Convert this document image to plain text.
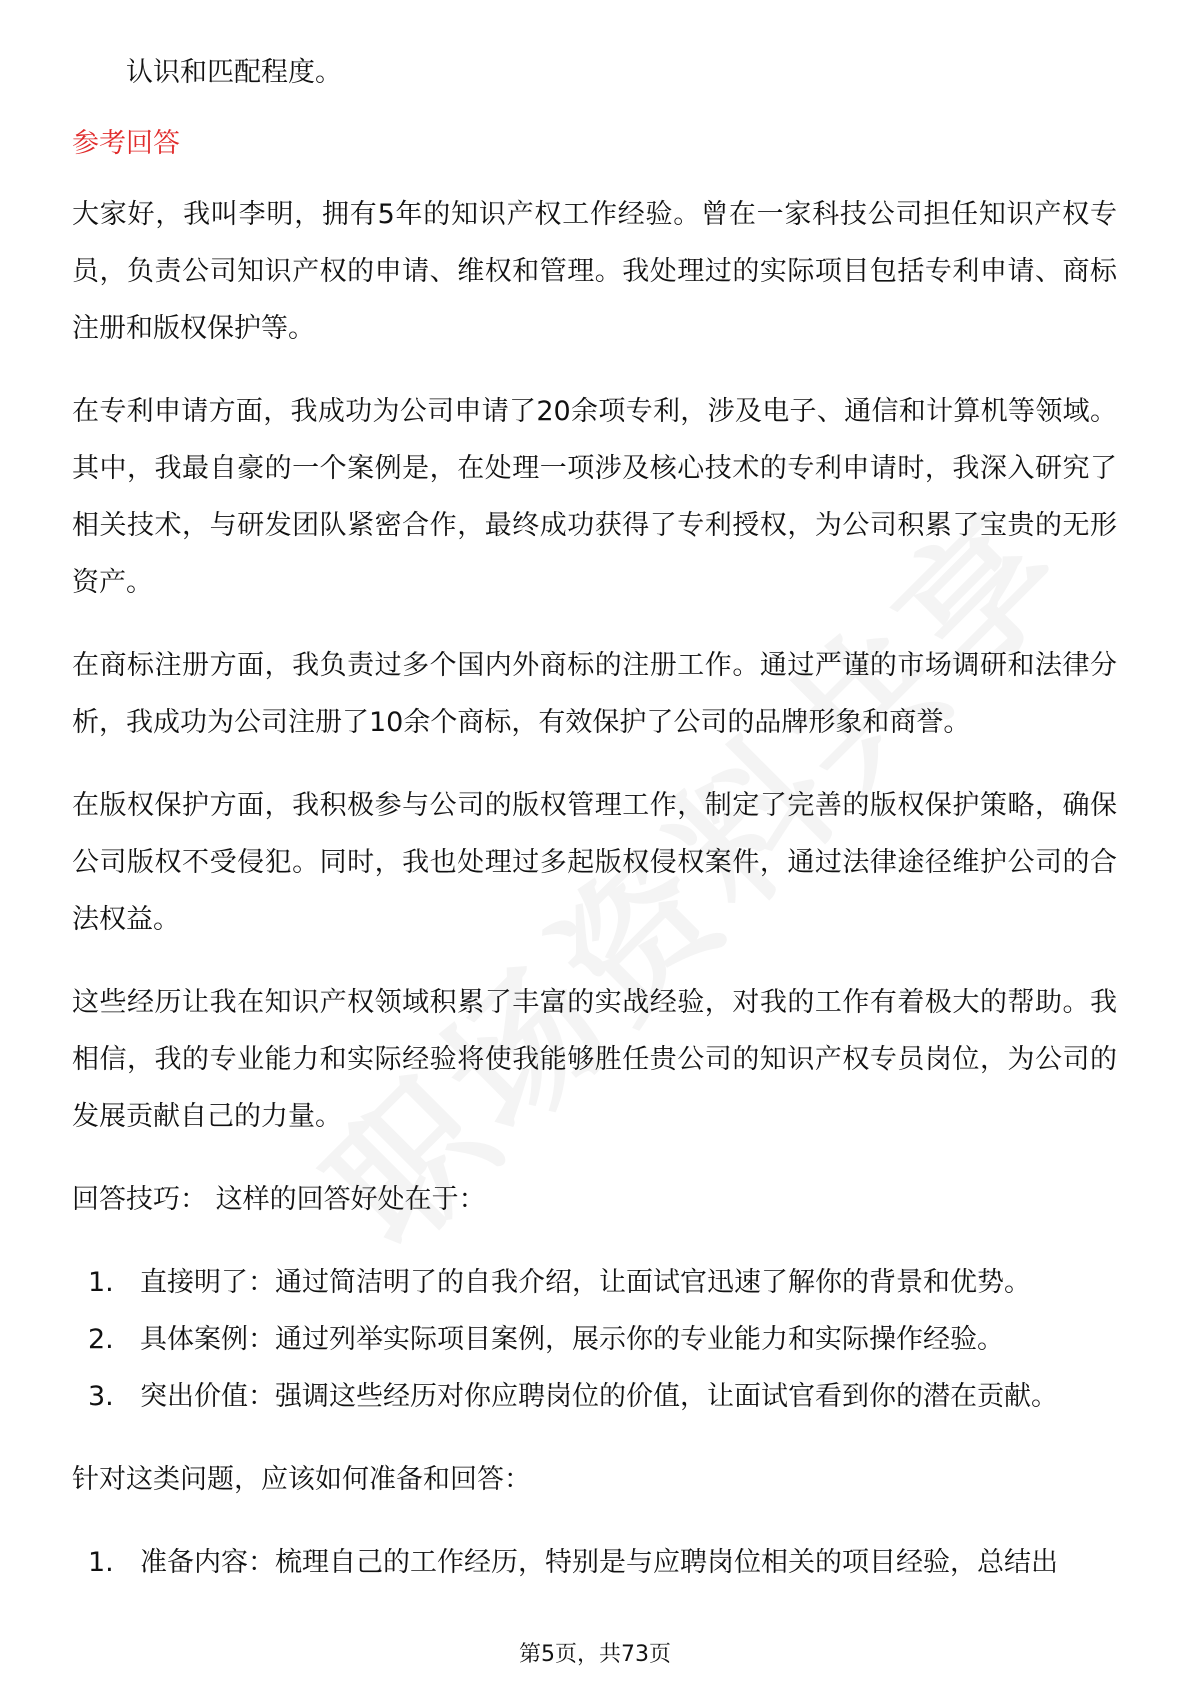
认识和匹配程度。

参考回答

大家好，我叫李明，拥有5年的知识产权工作经验。曾在一家科技公司担任知识产权专员，负责公司知识产权的申请、维权和管理。我处理过的实际项目包括专利申请、商标注册和版权保护等。

在专利申请方面，我成功为公司申请了20余项专利，涉及电子、通信和计算机等领域。其中，我最自豪的一个案例是，在处理一项涉及核心技术的专利申请时，我深入研究了相关技术，与研发团队紧密合作，最终成功获得了专利授权，为公司积累了宝贵的无形资产。

在商标注册方面，我负责过多个国内外商标的注册工作。通过严谨的市场调研和法律分析，我成功为公司注册了10余个商标，有效保护了公司的品牌形象和商誉。

在版权保护方面，我积极参与公司的版权管理工作，制定了完善的版权保护策略，确保公司版权不受侵犯。同时，我也处理过多起版权侵权案件，通过法律途径维护公司的合法权益。

这些经历让我在知识产权领域积累了丰富的实战经验，对我的工作有着极大的帮助。我相信，我的专业能力和实际经验将使我能够胜任贵公司的知识产权专员岗位，为公司的发展贡献自己的力量。

回答技巧： 这样的回答好处在于：

1. 直接明了：通过简洁明了的自我介绍，让面试官迅速了解你的背景和优势。
2. 具体案例：通过列举实际项目案例，展示你的专业能力和实际操作经验。
3. 突出价值：强调这些经历对你应聘岗位的价值，让面试官看到你的潜在贡献。

针对这类问题，应该如何准备和回答：

1. 准备内容：梳理自己的工作经历，特别是与应聘岗位相关的项目经验，总结出
第5页，共73页
